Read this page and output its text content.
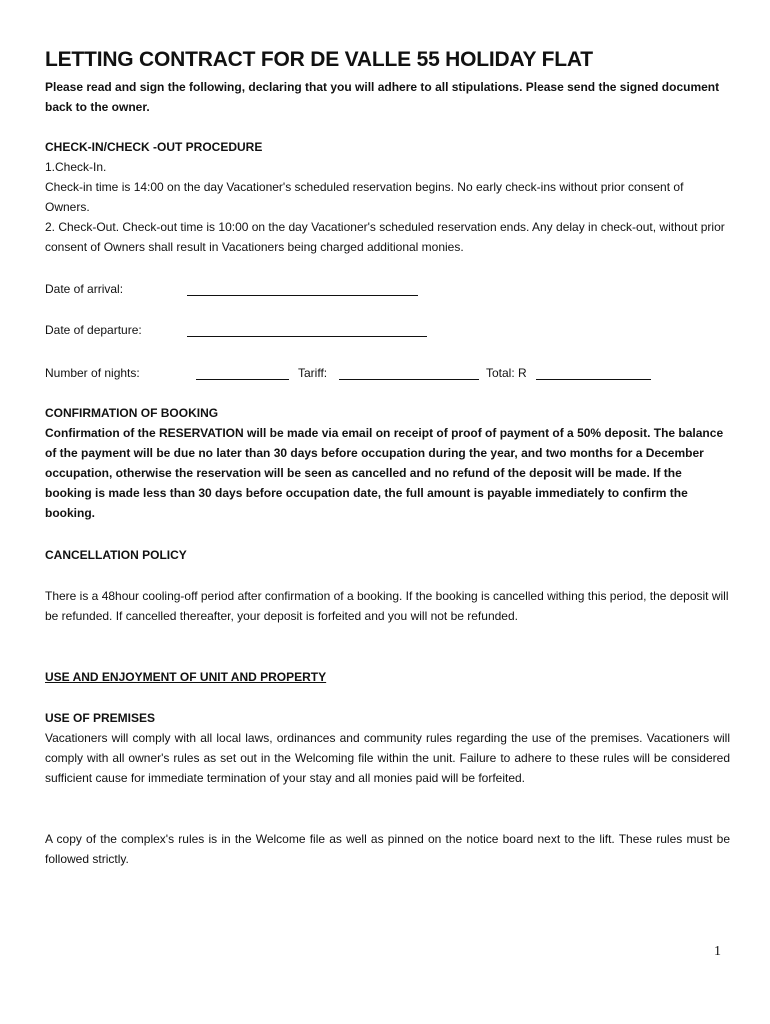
LETTING CONTRACT FOR DE VALLE 55 HOLIDAY FLAT
Please read and sign the following, declaring that you will adhere to all stipulations. Please send the signed document back to the owner.

CHECK-IN/CHECK -OUT PROCEDURE

1.Check-In.

Check-in time is 14:00 on the day Vacationer's scheduled reservation begins. No early check-ins without prior consent of Owners.

2. Check-Out. Check-out time is 10:00 on the day Vacationer's scheduled reservation ends. Any delay in check-out, without prior consent of Owners shall result in Vacationers being charged additional monies.

Date of arrival:
Date of departure:
Number of nights:	Tariff:	Total: R

CONFIRMATION OF BOOKING

Confirmation of the RESERVATION will be made via email on receipt of proof of payment of a 50% deposit. The balance of the payment will be due no later than 30 days before occupation during the year, and two months for a December occupation, otherwise the reservation will be seen as cancelled and no refund of the deposit will be made. If the booking is made less than 30 days before occupation date, the full amount is payable immediately to confirm the booking.

CANCELLATION POLICY

There is a 48hour cooling-off period after confirmation of a booking. If the booking is cancelled withing this period, the deposit will be refunded. If cancelled thereafter, your deposit is forfeited and you will not be refunded.

USE AND ENJOYMENT OF UNIT AND PROPERTY

USE OF PREMISES

Vacationers will comply with all local laws, ordinances and community rules regarding the use of the premises. Vacationers will comply with all owner's rules as set out in the Welcoming file within the unit. Failure to adhere to these rules will be considered sufficient cause for immediate termination of your stay and all monies paid will be forfeited.

A copy of the complex's rules is in the Welcome file as well as pinned on the notice board next to the lift. These rules must be followed strictly.

1
